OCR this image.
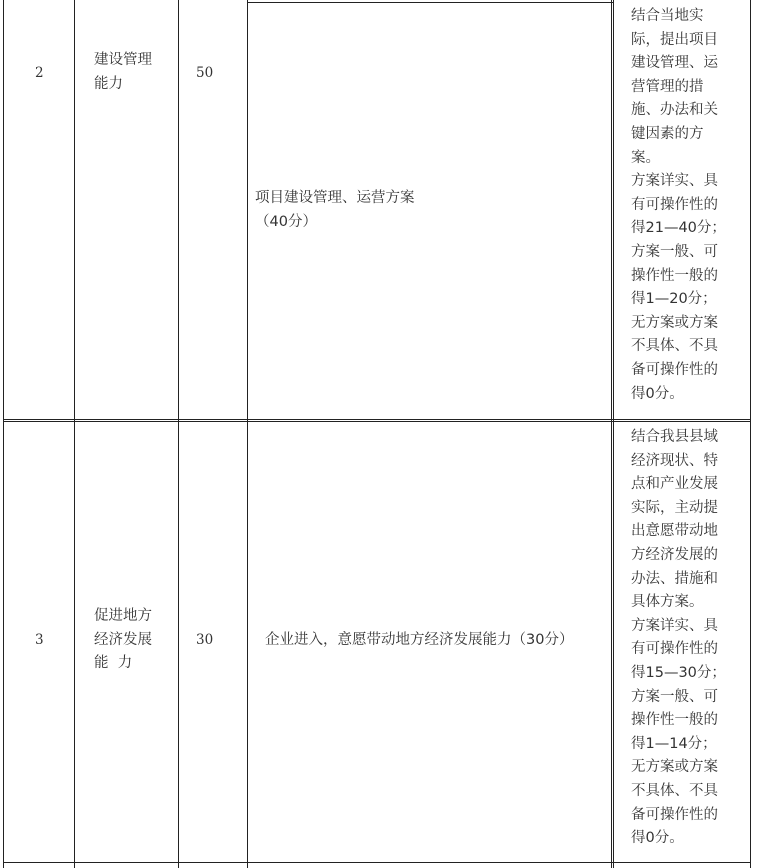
2
建设管理
能力
50
项目建设管理、运营方案
（40分）
结合当地实
际，提出项目
建设管理、运
营管理的措
施、办法和关
键因素的方
案。
方案详实、具
有可操作性的
得21—40分；
方案一般、可
操作性一般的
得1—20分；
无方案或方案
不具体、不具
备可操作性的
得0分。
3
促进地方
经济发展
能  力
30	企业进入，意愿带动地方经济发展能力（30分）
结合我县县域
经济现状、特
点和产业发展
实际，主动提
出意愿带动地
方经济发展的
办法、措施和
具体方案。
方案详实、具
有可操作性的
得15—30分；
方案一般、可
操作性一般的
得1—14分；
无方案或方案
不具体、不具
备可操作性的
得0分。
